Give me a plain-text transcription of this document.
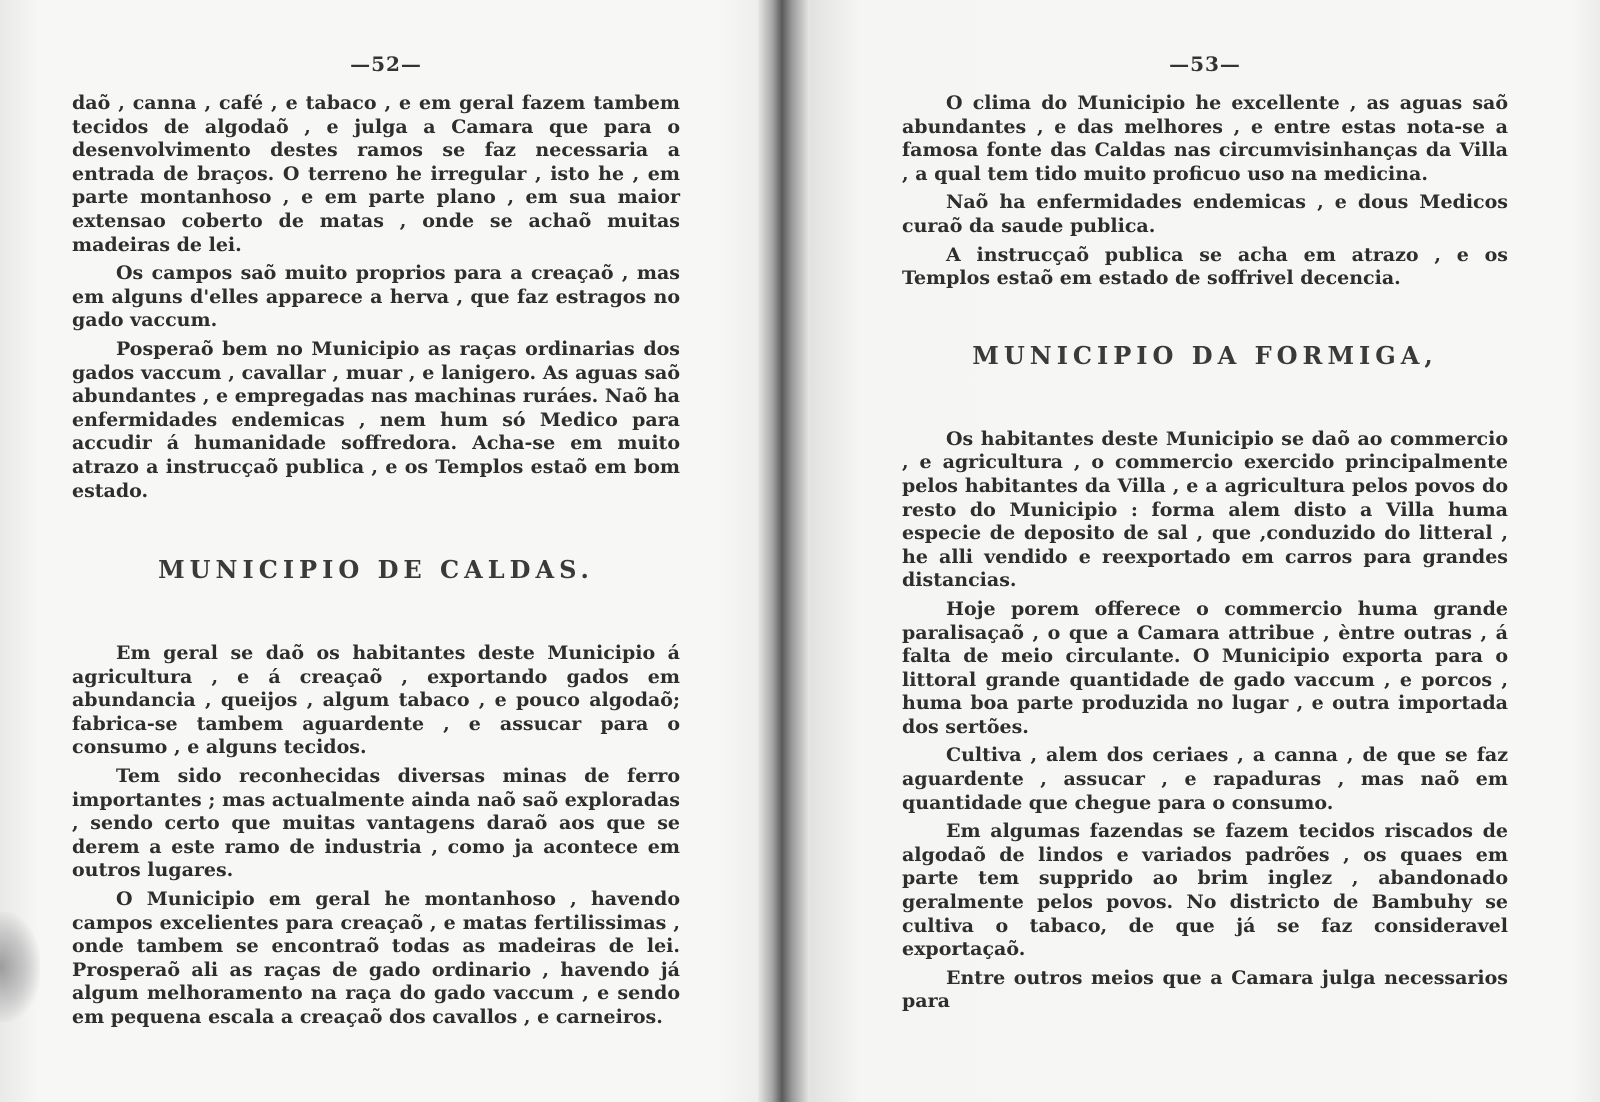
—52—

daõ , canna , café , e tabaco , e em geral fazem tambem tecidos de algodaõ , e julga a Camara que para o desenvolvimento destes ramos se faz necessaria a entrada de braços. O terreno he irregular , isto he , em parte montanhoso , e em parte plano , em sua maior extensao coberto de matas , onde se achaõ muitas madeiras de lei.

Os campos saõ muito proprios para a creaçaõ , mas em alguns d'elles apparece a herva , que faz estragos no gado vaccum.

Posperaõ bem no Municipio as raças ordinarias dos gados vaccum , cavallar , muar , e lanigero. As aguas saõ abundantes , e empregadas nas machinas ruráes. Naõ ha enfermidades endemicas , nem hum só Medico para accudir á humanidade soffredora. Acha-se em muito atrazo a instrucçaõ publica , e os Templos estaõ em bom estado.

MUNICIPIO DE CALDAS.

Em geral se daõ os habitantes deste Municipio á agricultura , e á creaçaõ , exportando gados em abundancia , queijos , algum tabaco , e pouco algodaõ; fabrica-se tambem aguardente , e assucar para o consumo , e alguns tecidos.

Tem sido reconhecidas diversas minas de ferro importantes ; mas actualmente ainda naõ saõ exploradas , sendo certo que muitas vantagens daraõ aos que se derem a este ramo de industria , como ja acontece em outros lugares.

O Municipio em geral he montanhoso , havendo campos excelientes para creaçaõ , e matas fertilissimas , onde tambem se encontraõ todas as madeiras de lei. Prosperaõ ali as raças de gado ordinario , havendo já algum melhoramento na raça do gado vaccum , e sendo em pequena escala a creaçaõ dos cavallos , e carneiros.

—53—

O clima do Municipio he excellente , as aguas saõ abundantes , e das melhores , e entre estas nota-se a famosa fonte das Caldas nas circumvisinhanças da Villa , a qual tem tido muito proficuo uso na medicina.

Naõ ha enfermidades endemicas , e dous Medicos curaõ da saude publica.

A instrucçaõ publica se acha em atrazo , e os Templos estaõ em estado de soffrivel decencia.

MUNICIPIO DA FORMIGA,

Os habitantes deste Municipio se daõ ao commercio , e agricultura , o commercio exercido principalmente pelos habitantes da Villa , e a agricultura pelos povos do resto do Municipio : forma alem disto a Villa huma especie de deposito de sal , que ,conduzido do litteral , he alli vendido e reexportado em carros para grandes distancias.

Hoje porem offerece o commercio huma grande paralisaçaõ , o que a Camara attribue , èntre outras , á falta de meio circulante. O Municipio exporta para o littoral grande quantidade de gado vaccum , e porcos , huma boa parte produzida no lugar , e outra importada dos sertões.

Cultiva , alem dos ceriaes , a canna , de que se faz aguardente , assucar , e rapaduras , mas naõ em quantidade que chegue para o consumo.

Em algumas fazendas se fazem tecidos riscados de algodaõ de lindos e variados padrões , os quaes em parte tem supprido ao brim inglez , abandonado geralmente pelos povos. No districto de Bambuhy se cultiva o tabaco, de que já se faz consideravel exportaçaõ.

Entre outros meios que a Camara julga necessarios para
